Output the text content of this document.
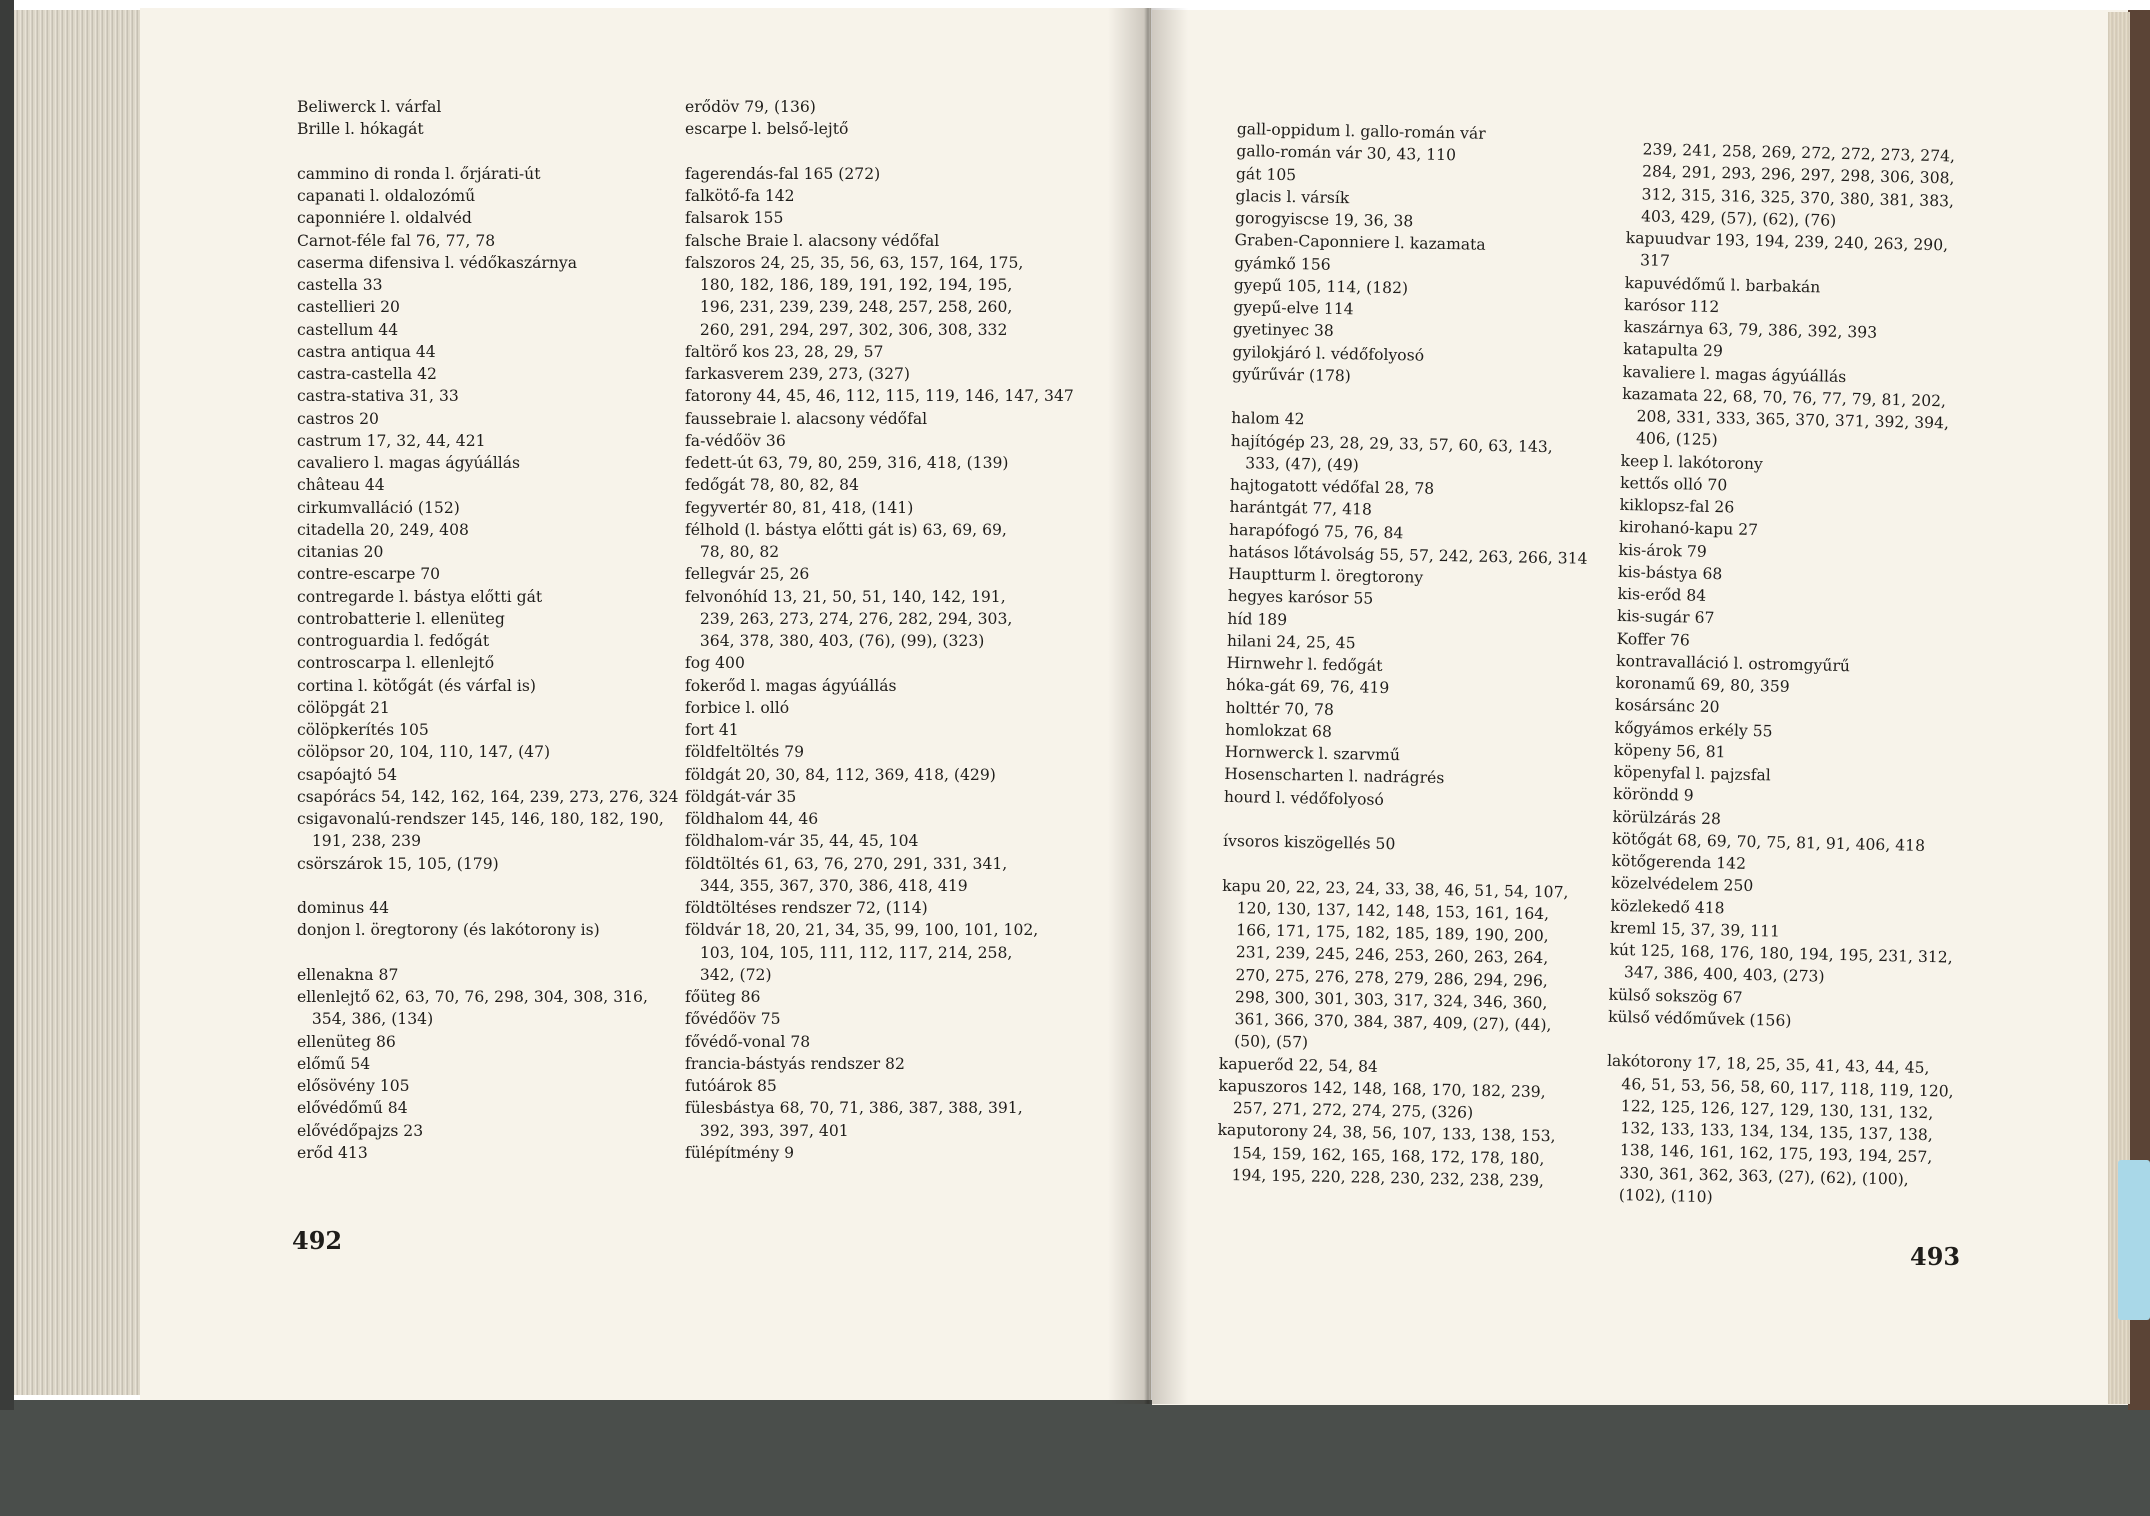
Beliwerck l. várfal
Brille l. hókagát
cammino di ronda l. őrjárati-út
capanati l. oldalozómű
caponniére l. oldalvéd
Carnot-féle fal 76, 77, 78
caserma difensiva l. védőkaszárnya
castella 33
castellieri 20
castellum 44
castra antiqua 44
castra-castella 42
castra-stativa 31, 33
castros 20
castrum 17, 32, 44, 421
cavaliero l. magas ágyúállás
château 44
cirkumvalláció (152)
citadella 20, 249, 408
citanias 20
contre-escarpe 70
contregarde l. bástya előtti gát
controbatterie l. ellenüteg
controguardia l. fedőgát
controscarpa l. ellenlejtő
cortina l. kötőgát (és várfal is)
cölöpgát 21
cölöpkerítés 105
cölöpsor 20, 104, 110, 147, (47)
csapóajtó 54
csapórács 54, 142, 162, 164, 239, 273, 276, 324
csigavonalú-rendszer 145, 146, 180, 182, 190,
191, 238, 239
csörszárok 15, 105, (179)
dominus 44
donjon l. öregtorony (és lakótorony is)
ellenakna 87
ellenlejtő 62, 63, 70, 76, 298, 304, 308, 316,
354, 386, (134)
ellenüteg 86
előmű 54
elősövény 105
elővédőmű 84
elővédőpajzs 23
erőd 413
erődöv 79, (136)
escarpe l. belső-lejtő
fagerendás-fal 165 (272)
falkötő-fa 142
falsarok 155
falsche Braie l. alacsony védőfal
falszoros 24, 25, 35, 56, 63, 157, 164, 175,
180, 182, 186, 189, 191, 192, 194, 195,
196, 231, 239, 239, 248, 257, 258, 260,
260, 291, 294, 297, 302, 306, 308, 332
faltörő kos 23, 28, 29, 57
farkasverem 239, 273, (327)
fatorony 44, 45, 46, 112, 115, 119, 146, 147, 347
faussebraie l. alacsony védőfal
fa-védőöv 36
fedett-út 63, 79, 80, 259, 316, 418, (139)
fedőgát 78, 80, 82, 84
fegyvertér 80, 81, 418, (141)
félhold (l. bástya előtti gát is) 63, 69, 69,
78, 80, 82
fellegvár 25, 26
felvonóhíd 13, 21, 50, 51, 140, 142, 191,
239, 263, 273, 274, 276, 282, 294, 303,
364, 378, 380, 403, (76), (99), (323)
fog 400
fokerőd l. magas ágyúállás
forbice l. olló
fort 41
földfeltöltés 79
földgát 20, 30, 84, 112, 369, 418, (429)
földgát-vár 35
földhalom 44, 46
földhalom-vár 35, 44, 45, 104
földtöltés 61, 63, 76, 270, 291, 331, 341,
344, 355, 367, 370, 386, 418, 419
földtöltéses rendszer 72, (114)
földvár 18, 20, 21, 34, 35, 99, 100, 101, 102,
103, 104, 105, 111, 112, 117, 214, 258,
342, (72)
főüteg 86
fővédőöv 75
fővédő-vonal 78
francia-bástyás rendszer 82
futóárok 85
fülesbástya 68, 70, 71, 386, 387, 388, 391,
392, 393, 397, 401
fülépítmény 9
492
gall-oppidum l. gallo-román vár
gallo-román vár 30, 43, 110
gát 105
glacis l. vársík
gorogyiscse 19, 36, 38
Graben-Caponniere l. kazamata
gyámkő 156
gyepű 105, 114, (182)
gyepű-elve 114
gyetinyec 38
gyilokjáró l. védőfolyosó
gyűrűvár (178)
halom 42
hajítógép 23, 28, 29, 33, 57, 60, 63, 143,
333, (47), (49)
hajtogatott védőfal 28, 78
harántgát 77, 418
harapófogó 75, 76, 84
hatásos lőtávolság 55, 57, 242, 263, 266, 314
Hauptturm l. öregtorony
hegyes karósor 55
híd 189
hilani 24, 25, 45
Hirnwehr l. fedőgát
hóka-gát 69, 76, 419
holttér 70, 78
homlokzat 68
Hornwerck l. szarvmű
Hosenscharten l. nadrágrés
hourd l. védőfolyosó
ívsoros kiszögellés 50
kapu 20, 22, 23, 24, 33, 38, 46, 51, 54, 107,
120, 130, 137, 142, 148, 153, 161, 164,
166, 171, 175, 182, 185, 189, 190, 200,
231, 239, 245, 246, 253, 260, 263, 264,
270, 275, 276, 278, 279, 286, 294, 296,
298, 300, 301, 303, 317, 324, 346, 360,
361, 366, 370, 384, 387, 409, (27), (44),
(50), (57)
kapuerőd 22, 54, 84
kapuszoros 142, 148, 168, 170, 182, 239,
257, 271, 272, 274, 275, (326)
kaputorony 24, 38, 56, 107, 133, 138, 153,
154, 159, 162, 165, 168, 172, 178, 180,
194, 195, 220, 228, 230, 232, 238, 239,
239, 241, 258, 269, 272, 272, 273, 274,
284, 291, 293, 296, 297, 298, 306, 308,
312, 315, 316, 325, 370, 380, 381, 383,
403, 429, (57), (62), (76)
kapuudvar 193, 194, 239, 240, 263, 290,
317
kapuvédőmű l. barbakán
karósor 112
kaszárnya 63, 79, 386, 392, 393
katapulta 29
kavaliere l. magas ágyúállás
kazamata 22, 68, 70, 76, 77, 79, 81, 202,
208, 331, 333, 365, 370, 371, 392, 394,
406, (125)
keep l. lakótorony
kettős olló 70
kiklopsz-fal 26
kirohanó-kapu 27
kis-árok 79
kis-bástya 68
kis-erőd 84
kis-sugár 67
Koffer 76
kontravalláció l. ostromgyűrű
koronamű 69, 80, 359
kosársánc 20
kőgyámos erkély 55
köpeny 56, 81
köpenyfal l. pajzsfal
köröndd 9
körülzárás 28
kötőgát 68, 69, 70, 75, 81, 91, 406, 418
kötőgerenda 142
közelvédelem 250
közlekedő 418
kreml 15, 37, 39, 111
kút 125, 168, 176, 180, 194, 195, 231, 312,
347, 386, 400, 403, (273)
külső sokszög 67
külső védőművek (156)
lakótorony 17, 18, 25, 35, 41, 43, 44, 45,
46, 51, 53, 56, 58, 60, 117, 118, 119, 120,
122, 125, 126, 127, 129, 130, 131, 132,
132, 133, 133, 134, 134, 135, 137, 138,
138, 146, 161, 162, 175, 193, 194, 257,
330, 361, 362, 363, (27), (62), (100),
(102), (110)
493
